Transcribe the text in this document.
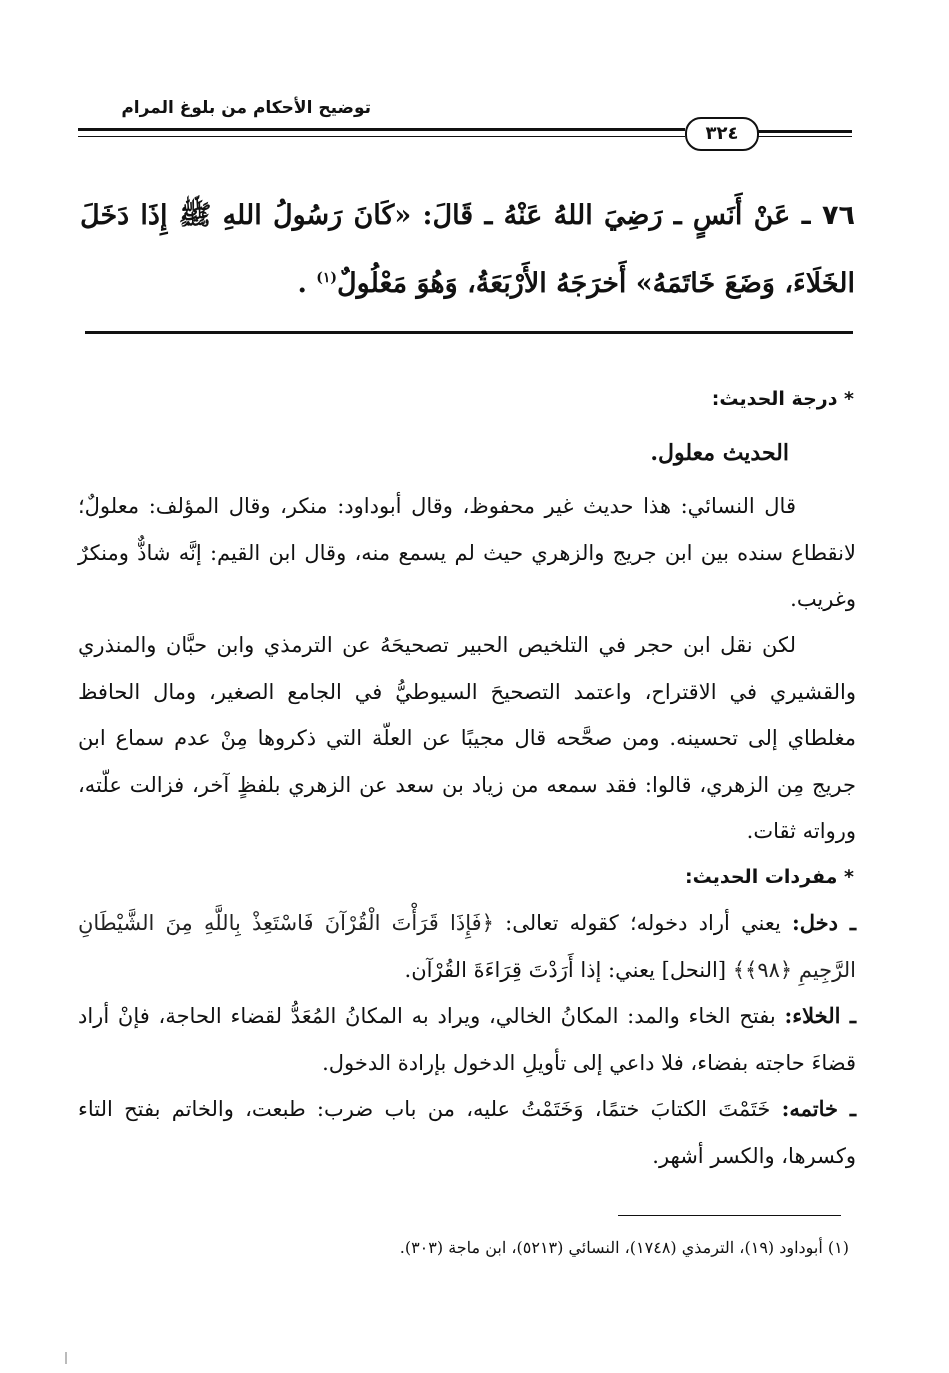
توضيح الأحكام من بلوغ المرام
٣٢٤
٧٦ ـ عَنْ أَنَسٍ ـ رَضِيَ اللهُ عَنْهُ ـ قَالَ: «كَانَ رَسُولُ اللهِ ﷺ إِذَا دَخَلَ الخَلَاءَ، وَضَعَ خَاتَمَهُ» أَخرَجَهُ الأَرْبَعَةُ، وَهُوَ مَعْلُولٌ$^{(١)}$ .
* درجة الحديث:
الحديث معلول.
قال النسائي: هذا حديث غير محفوظ، وقال أبوداود: منكر، وقال المؤلف: معلولٌ؛ لانقطاع سنده بين ابن جريج والزهري حيث لم يسمع منه، وقال ابن القيم: إنَّه شاذٌّ ومنكرٌ وغريب.
لكن نقل ابن حجر في التلخيص الحبير تصحيحَهُ عن الترمذي وابن حبَّان والمنذري والقشيري في الاقتراح، واعتمد التصحيحَ السيوطيُّ في الجامع الصغير، ومال الحافظ مغلطاي إلى تحسينه. ومن صحَّحه قال مجيبًا عن العلّة التي ذكروها مِنْ عدم سماع ابن جريج مِن الزهري، قالوا: فقد سمعه من زياد بن سعد عن الزهري بلفظٍ آخر، فزالت علّته، ورواته ثقات.
* مفردات الحديث:
ـ دخل: يعني أراد دخوله؛ كقوله تعالى: ﴿فَإِذَا قَرَأْتَ الْقُرْآنَ فَاسْتَعِذْ بِاللَّهِ مِنَ الشَّيْطَانِ الرَّجِيمِ ﴿٩٨﴾﴾ [النحل] يعني: إذا أَرَدْتَ قِرَاءَةَ القُرْآن.
ـ الخلاء: بفتح الخاء والمد: المكانُ الخالي، ويراد به المكانُ المُعَدُّ لقضاء الحاجة، فإنْ أراد قضاءَ حاجته بفضاء، فلا داعي إلى تأويلِ الدخول بإرادة الدخول.
ـ خاتمه: خَتَمْتَ الكتابَ ختمًا، وَخَتَمْتُ عليه، من باب ضرب: طبعت، والخاتم بفتح التاء وكسرها، والكسر أشهر.
(١) أبوداود (١٩)، الترمذي (١٧٤٨)، النسائي (٥٢١٣)، ابن ماجة (٣٠٣).
